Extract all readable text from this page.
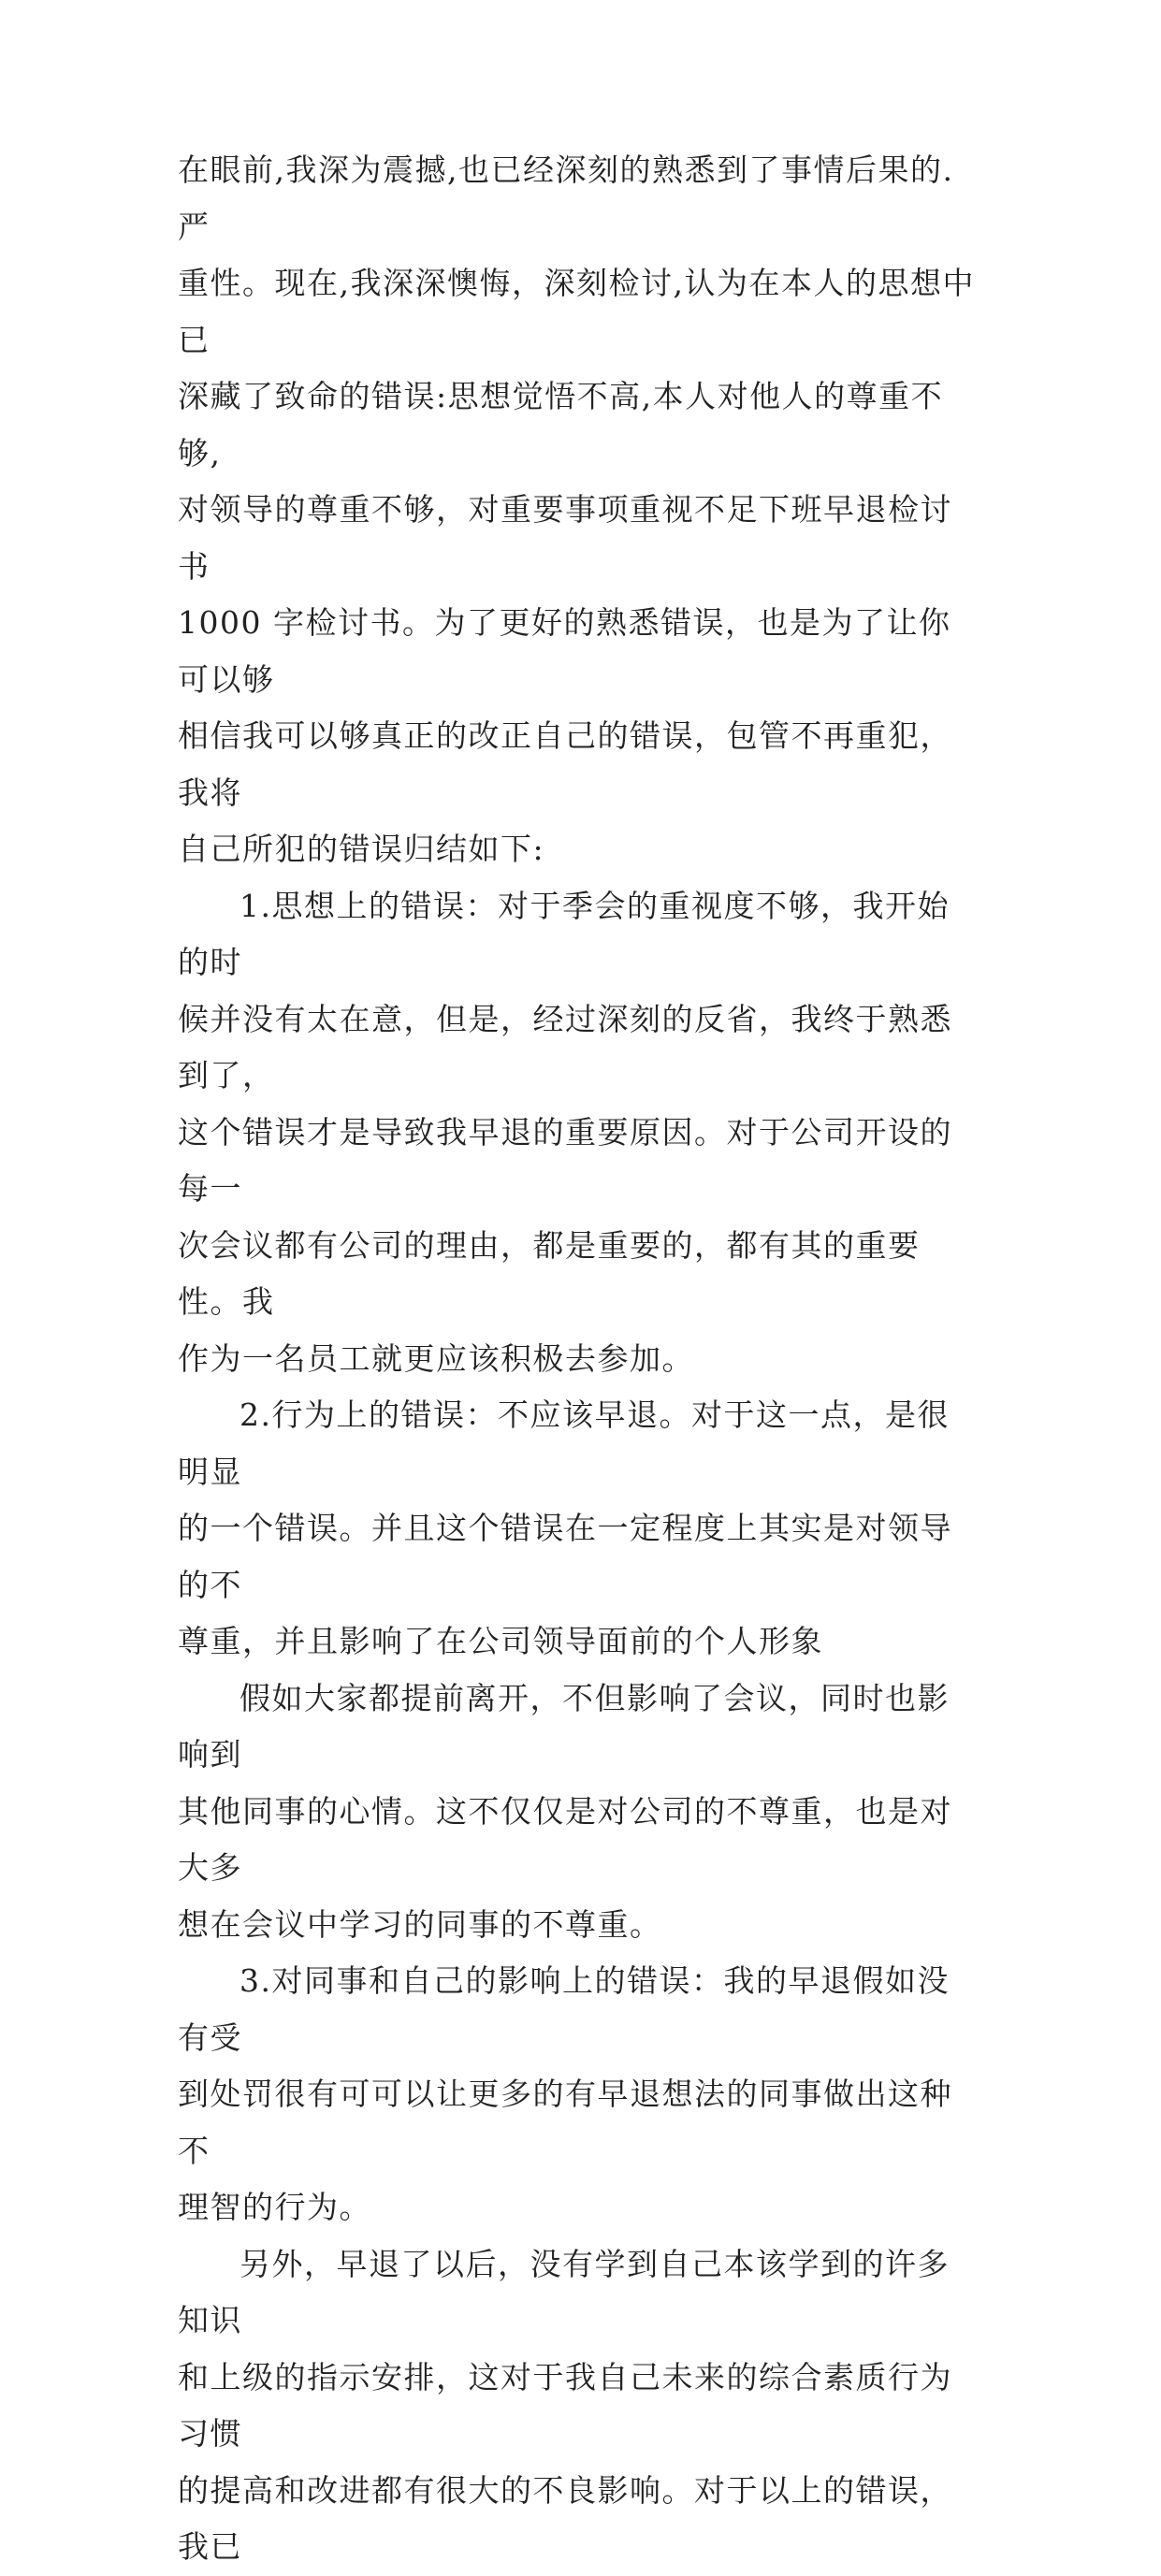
在眼前,我深为震撼,也已经深刻的熟悉到了事情后果的.严

重性。现在,我深深懊悔，深刻检讨,认为在本人的思想中已

深藏了致命的错误:思想觉悟不高,本人对他人的尊重不够,

对领导的尊重不够，对重要事项重视不足下班早退检讨书

1000 字检讨书。为了更好的熟悉错误，也是为了让你可以够

相信我可以够真正的改正自己的错误，包管不再重犯，我将

自己所犯的错误归结如下:

1.思想上的错误：对于季会的重视度不够，我开始的时

候并没有太在意，但是，经过深刻的反省，我终于熟悉到了，

这个错误才是导致我早退的重要原因。对于公司开设的每一

次会议都有公司的理由，都是重要的，都有其的重要性。我

作为一名员工就更应该积极去参加。

2.行为上的错误：不应该早退。对于这一点，是很明显

的一个错误。并且这个错误在一定程度上其实是对领导的不

尊重，并且影响了在公司领导面前的个人形象

假如大家都提前离开，不但影响了会议，同时也影响到

其他同事的心情。这不仅仅是对公司的不尊重，也是对大多

想在会议中学习的同事的不尊重。

3.对同事和自己的影响上的错误：我的早退假如没有受

到处罚很有可可以让更多的有早退想法的同事做出这种不

理智的行为。

另外，早退了以后，没有学到自己本该学到的许多知识

和上级的指示安排，这对于我自己未来的综合素质行为习惯

的提高和改进都有很大的不良影响。对于以上的错误，我已
